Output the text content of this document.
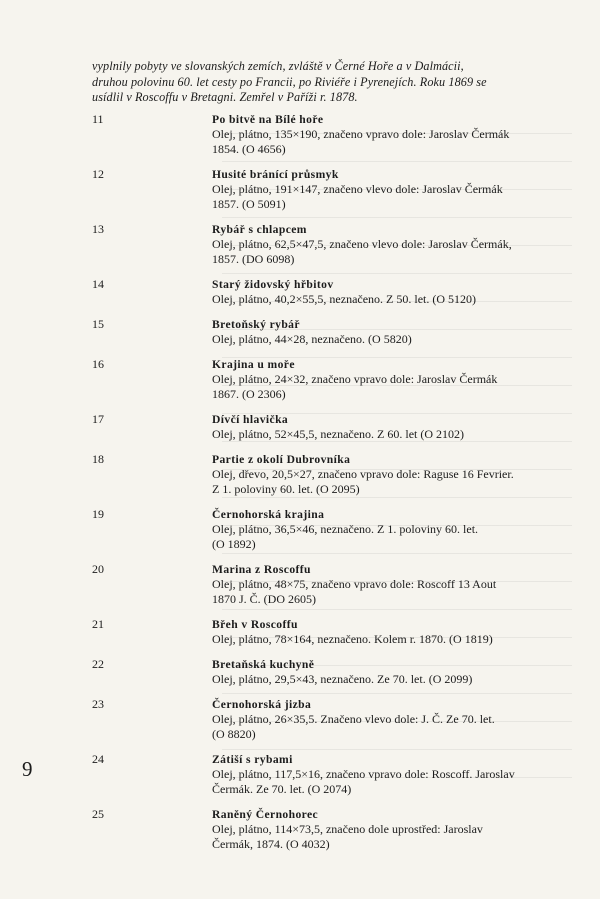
vyplnily pobyty ve slovanských zemích, zvláště v Černé Hoře a v Dalmácii,
druhou polovinu 60. let cesty po Francii, po Riviéře i Pyrenejích. Roku 1869 se
usídlil v Roscoffu v Bretagni. Zemřel v Paříži r. 1878.
11	Po bitvě na Bílé hoře
Olej, plátno, 135×190, značeno vpravo dole: Jaroslav Čermák
1854. (O 4656)
12	Husité bránící průsmyk
Olej, plátno, 191×147, značeno vlevo dole: Jaroslav Čermák
1857. (O 5091)
13	Rybář s chlapcem
Olej, plátno, 62,5×47,5, značeno vlevo dole: Jaroslav Čermák,
1857. (DO 6098)
14	Starý židovský hřbitov
Olej, plátno, 40,2×55,5, neznačeno. Z 50. let. (O 5120)
15	Bretoňský rybář
Olej, plátno, 44×28, neznačeno. (O 5820)
16	Krajina u moře
Olej, plátno, 24×32, značeno vpravo dole: Jaroslav Čermák
1867. (O 2306)
17	Dívčí hlavička
Olej, plátno, 52×45,5, neznačeno. Z 60. let (O 2102)
18	Partie z okolí Dubrovníka
Olej, dřevo, 20,5×27, značeno vpravo dole: Raguse 16 Fevrier.
Z 1. poloviny 60. let. (O 2095)
19	Černohorská krajina
Olej, plátno, 36,5×46, neznačeno. Z 1. poloviny 60. let.
(O 1892)
20	Marina z Roscoffu
Olej, plátno, 48×75, značeno vpravo dole: Roscoff 13 Aout
1870 J. Č. (DO 2605)
21	Břeh v Roscoffu
Olej, plátno, 78×164, neznačeno. Kolem r. 1870. (O 1819)
22	Bretaňská kuchyně
Olej, plátno, 29,5×43, neznačeno. Ze 70. let. (O 2099)
23	Černohorská jizba
Olej, plátno, 26×35,5. Značeno vlevo dole: J. Č. Ze 70. let.
(O 8820)
24	Zátiší s rybami
Olej, plátno, 117,5×16, značeno vpravo dole: Roscoff. Jaroslav
Čermák. Ze 70. let. (O 2074)
25	Raněný Černohorec
Olej, plátno, 114×73,5, značeno dole uprostřed: Jaroslav
Čermák, 1874. (O 4032)
9
